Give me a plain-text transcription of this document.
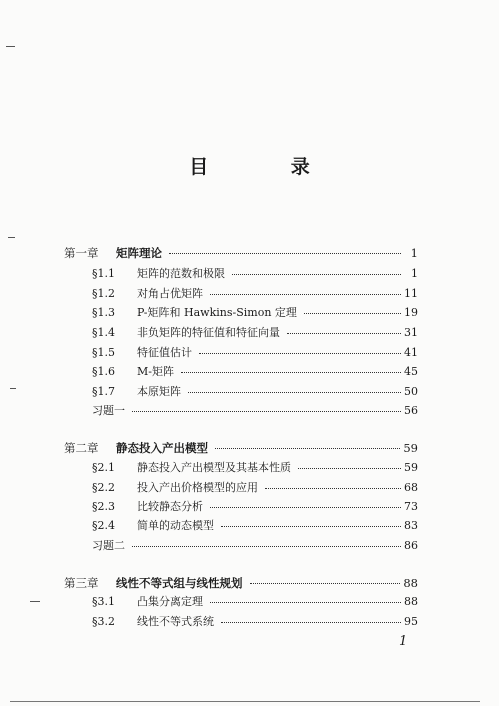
目 录
第一章	矩阵理论	1
§1.1	矩阵的范数和极限	1
§1.2	对角占优矩阵	11
§1.3	P-矩阵和 Hawkins-Simon 定理	19
§1.4	非负矩阵的特征值和特征向量	31
§1.5	特征值估计	41
§1.6	M-矩阵	45
§1.7	本原矩阵	50
习题一	56
第二章	静态投入产出模型	59
§2.1	静态投入产出模型及其基本性质	59
§2.2	投入产出价格模型的应用	68
§2.3	比较静态分析	73
§2.4	简单的动态模型	83
习题二	86
第三章	线性不等式组与线性规划	88
§3.1	凸集分离定理	88
§3.2	线性不等式系统	95
1
